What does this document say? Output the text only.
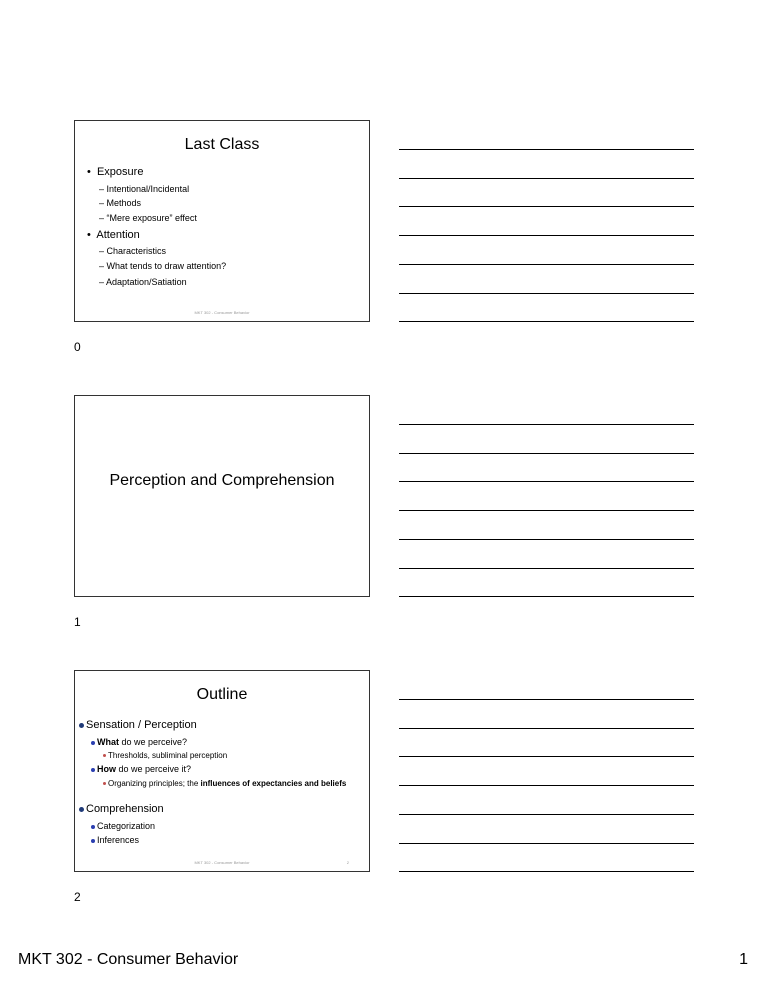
Last Class
•  Exposure
– Intentional/Incidental
– Methods
– “Mere exposure” effect
•  Attention
– Characteristics
– What tends to draw attention?
– Adaptation/Satiation
MKT 302 - Consumer Behavior
0
Perception and Comprehension
1
Outline
Sensation / Perception
What do we perceive?
Thresholds, subliminal perception
How do we perceive it?
Organizing principles; the influences of expectancies and beliefs
Comprehension
Categorization
Inferences
MKT 302 - Consumer Behavior	2
2
MKT 302 - Consumer Behavior	1
